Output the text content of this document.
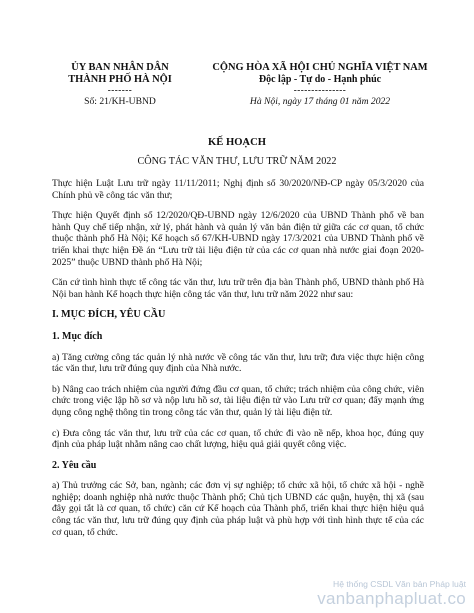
ỦY BAN NHÂN DÂN
THÀNH PHỐ HÀ NỘI
-------
CỘNG HÒA XÃ HỘI CHỦ NGHĨA VIỆT NAM
Độc lập - Tự do - Hạnh phúc
---------------
Số: 21/KH-UBND	Hà Nội, ngày 17 tháng 01 năm 2022
KẾ HOẠCH
CÔNG TÁC VĂN THƯ, LƯU TRỮ NĂM 2022

Thực hiện Luật Lưu trữ ngày 11/11/2011; Nghị định số 30/2020/NĐ-CP ngày 05/3/2020 của Chính phủ về công tác văn thư;

Thực hiện Quyết định số 12/2020/QĐ-UBND ngày 12/6/2020 của UBND Thành phố về ban hành Quy chế tiếp nhận, xử lý, phát hành và quản lý văn bản điện tử giữa các cơ quan, tổ chức thuộc thành phố Hà Nội; Kế hoạch số 67/KH-UBND ngày 17/3/2021 của UBND Thành phố về triển khai thực hiện Đề án “Lưu trữ tài liệu điện tử của các cơ quan nhà nước giai đoạn 2020-2025” thuộc UBND thành phố Hà Nội;

Căn cứ tình hình thực tế công tác văn thư, lưu trữ trên địa bàn Thành phố, UBND thành phố Hà Nội ban hành Kế hoạch thực hiện công tác văn thư, lưu trữ năm 2022 như sau:

I. MỤC ĐÍCH, YÊU CẦU
1. Mục đích

a) Tăng cường công tác quản lý nhà nước về công tác văn thư, lưu trữ; đưa việc thực hiện công tác văn thư, lưu trữ đúng quy định của Nhà nước.

b) Nâng cao trách nhiệm của người đứng đầu cơ quan, tổ chức; trách nhiệm của công chức, viên chức trong việc lập hồ sơ và nộp lưu hồ sơ, tài liệu điện tử vào Lưu trữ cơ quan; đẩy mạnh ứng dụng công nghệ thông tin trong công tác văn thư, quản lý tài liệu điện tử.

c) Đưa công tác văn thư, lưu trữ của các cơ quan, tổ chức đi vào nề nếp, khoa học, đúng quy định của pháp luật nhằm nâng cao chất lượng, hiệu quả giải quyết công việc.

2. Yêu cầu

a) Thủ trưởng các Sở, ban, ngành; các đơn vị sự nghiệp; tổ chức xã hội, tổ chức xã hội - nghề nghiệp; doanh nghiệp nhà nước thuộc Thành phố; Chủ tịch UBND các quận, huyện, thị xã (sau đây gọi tắt là cơ quan, tổ chức) căn cứ Kế hoạch của Thành phố, triển khai thực hiện hiệu quả công tác văn thư, lưu trữ đúng quy định của pháp luật và phù hợp với tình hình thực tế của các cơ quan, tổ chức.

Hệ thống CSDL Văn bản Pháp luật
vanbanphapluat.co
